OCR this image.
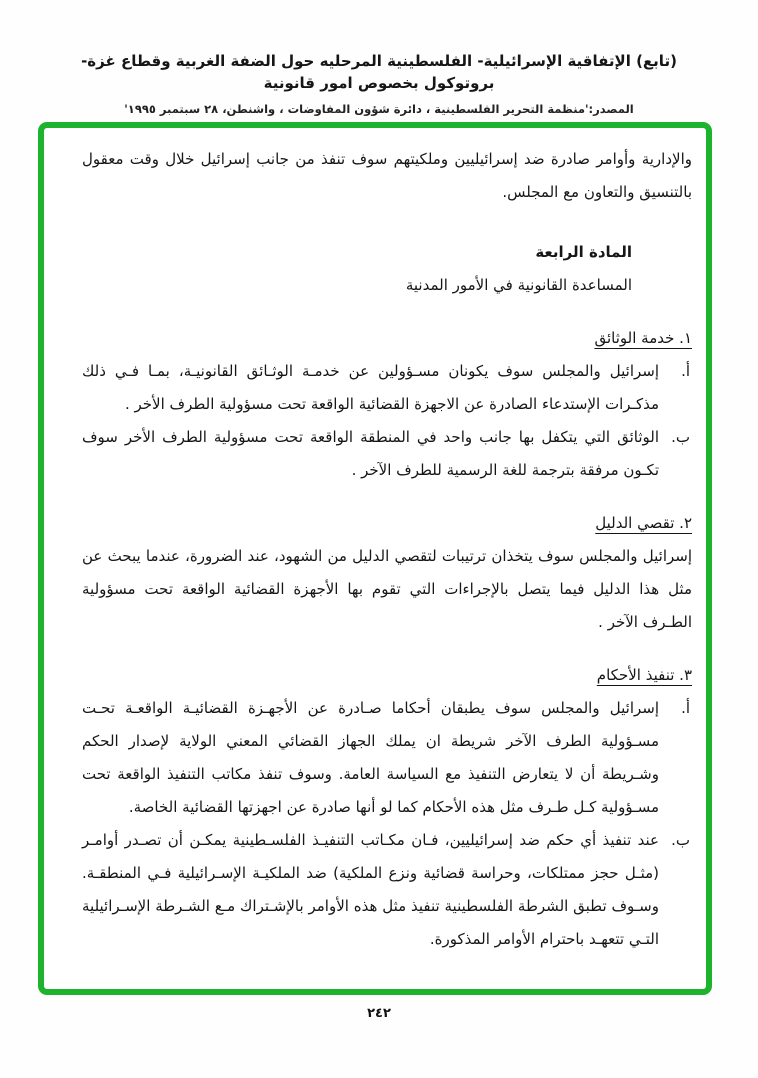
(تابع) الإتفاقية الإسرائيلية- الفلسطينية المرحليه حول الضفة الغربية وقطاع غزة- بروتوكول بخصوص امور قانونية
المصدر:'منظمة التحرير الفلسطينية ، دائرة شؤون المفاوضات ، واشنطن، ٢٨ سبتمبر ١٩٩٥'
والإدارية وأوامر صادرة ضد إسرائيليين وملكيتهم سوف تنفذ من جانب إسرائيل خلال وقت معقول بالتنسيق والتعاون مع المجلس.
المادة الرابعة
المساعدة القانونية في الأمور المدنية
١. خدمة الوثائق
أ.
إسرائيل والمجلس سوف يكونان مسـؤولين عن خدمـة الوثـائق القانونيـة، بمـا فـي ذلك مذكـرات الإستدعاء الصادرة عن الاجهزة القضائية الواقعة تحت مسؤولية الطرف الأخر .
ب.
الوثائق التي يتكفل بها جانب واحد في المنطقة الواقعة تحت مسؤولية الطرف الأخر سوف تكـون مرفقة بترجمة للغة الرسمية للطرف الآخر .
٢. تقصي الدليل
إسرائيل والمجلس سوف يتخذان ترتيبات لتقصي الدليل من الشهود، عند الضرورة، عندما يبحث عن مثل هذا الدليل فيما يتصل بالإجراءات التي تقوم بها الأجهزة القضائية الواقعة تحت مسؤولية الطـرف الآخر .
٣. تنفيذ الأحكام
أ.
إسرائيل والمجلس سوف يطبقان أحكاما صـادرة عن الأجهـزة القضائيـة الواقعـة تحـت مسـؤولية الطرف الآخر شريطة ان يملك الجهاز القضائي المعني الولاية لإصدار الحكم وشـريطة أن لا يتعارض التنفيذ مع السياسة العامة. وسوف تنفذ مكاتب التنفيذ الواقعة تحت مسـؤولية كـل طـرف مثل هذه الأحكام كما لو أنها صادرة عن اجهزتها القضائية الخاصة.
ب.
عند تنفيذ أي حكم ضد إسرائيليين، فـان مكـاتب التنفيـذ الفلسـطينية يمكـن أن تصـدر أوامـر (مثـل حجز ممتلكات، وحراسة قضائية ونزع الملكية) ضد الملكيـة الإسـرائيلية فـي المنطقـة. وسـوف تطبق الشرطة الفلسطينية تنفيذ مثل هذه الأوامر بالإشـتراك مـع الشـرطة الإسـرائيلية التـي تتعهـد باحترام الأوامر المذكورة.
٢٤٢
